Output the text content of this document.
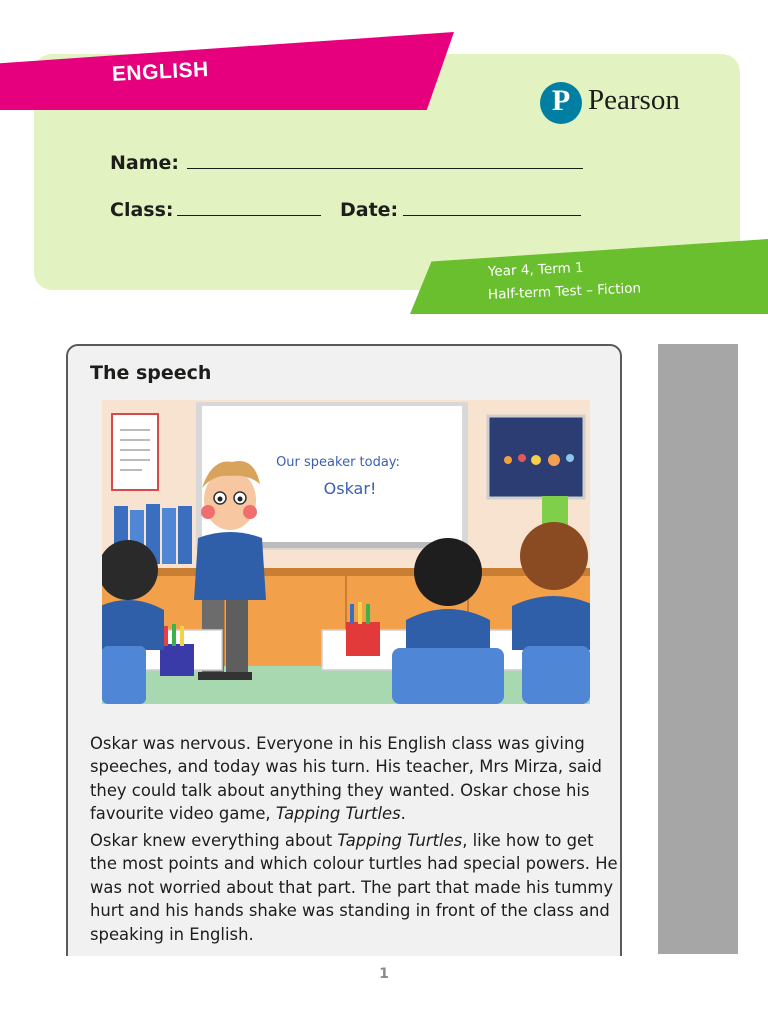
ENGLISH
P Pearson
Name:
Class:	Date:
Year 4, Term 1
Half-term Test – Fiction
The speech
Our speaker today:
Oskar!
Oskar was nervous. Everyone in his English class was giving speeches, and today was his turn. His teacher, Mrs Mirza, said they could talk about anything they wanted. Oskar chose his favourite video game, Tapping Turtles.
Oskar knew everything about Tapping Turtles, like how to get the most points and which colour turtles had special powers. He was not worried about that part. The part that made his tummy hurt and his hands shake was standing in front of the class and speaking in English.
1
